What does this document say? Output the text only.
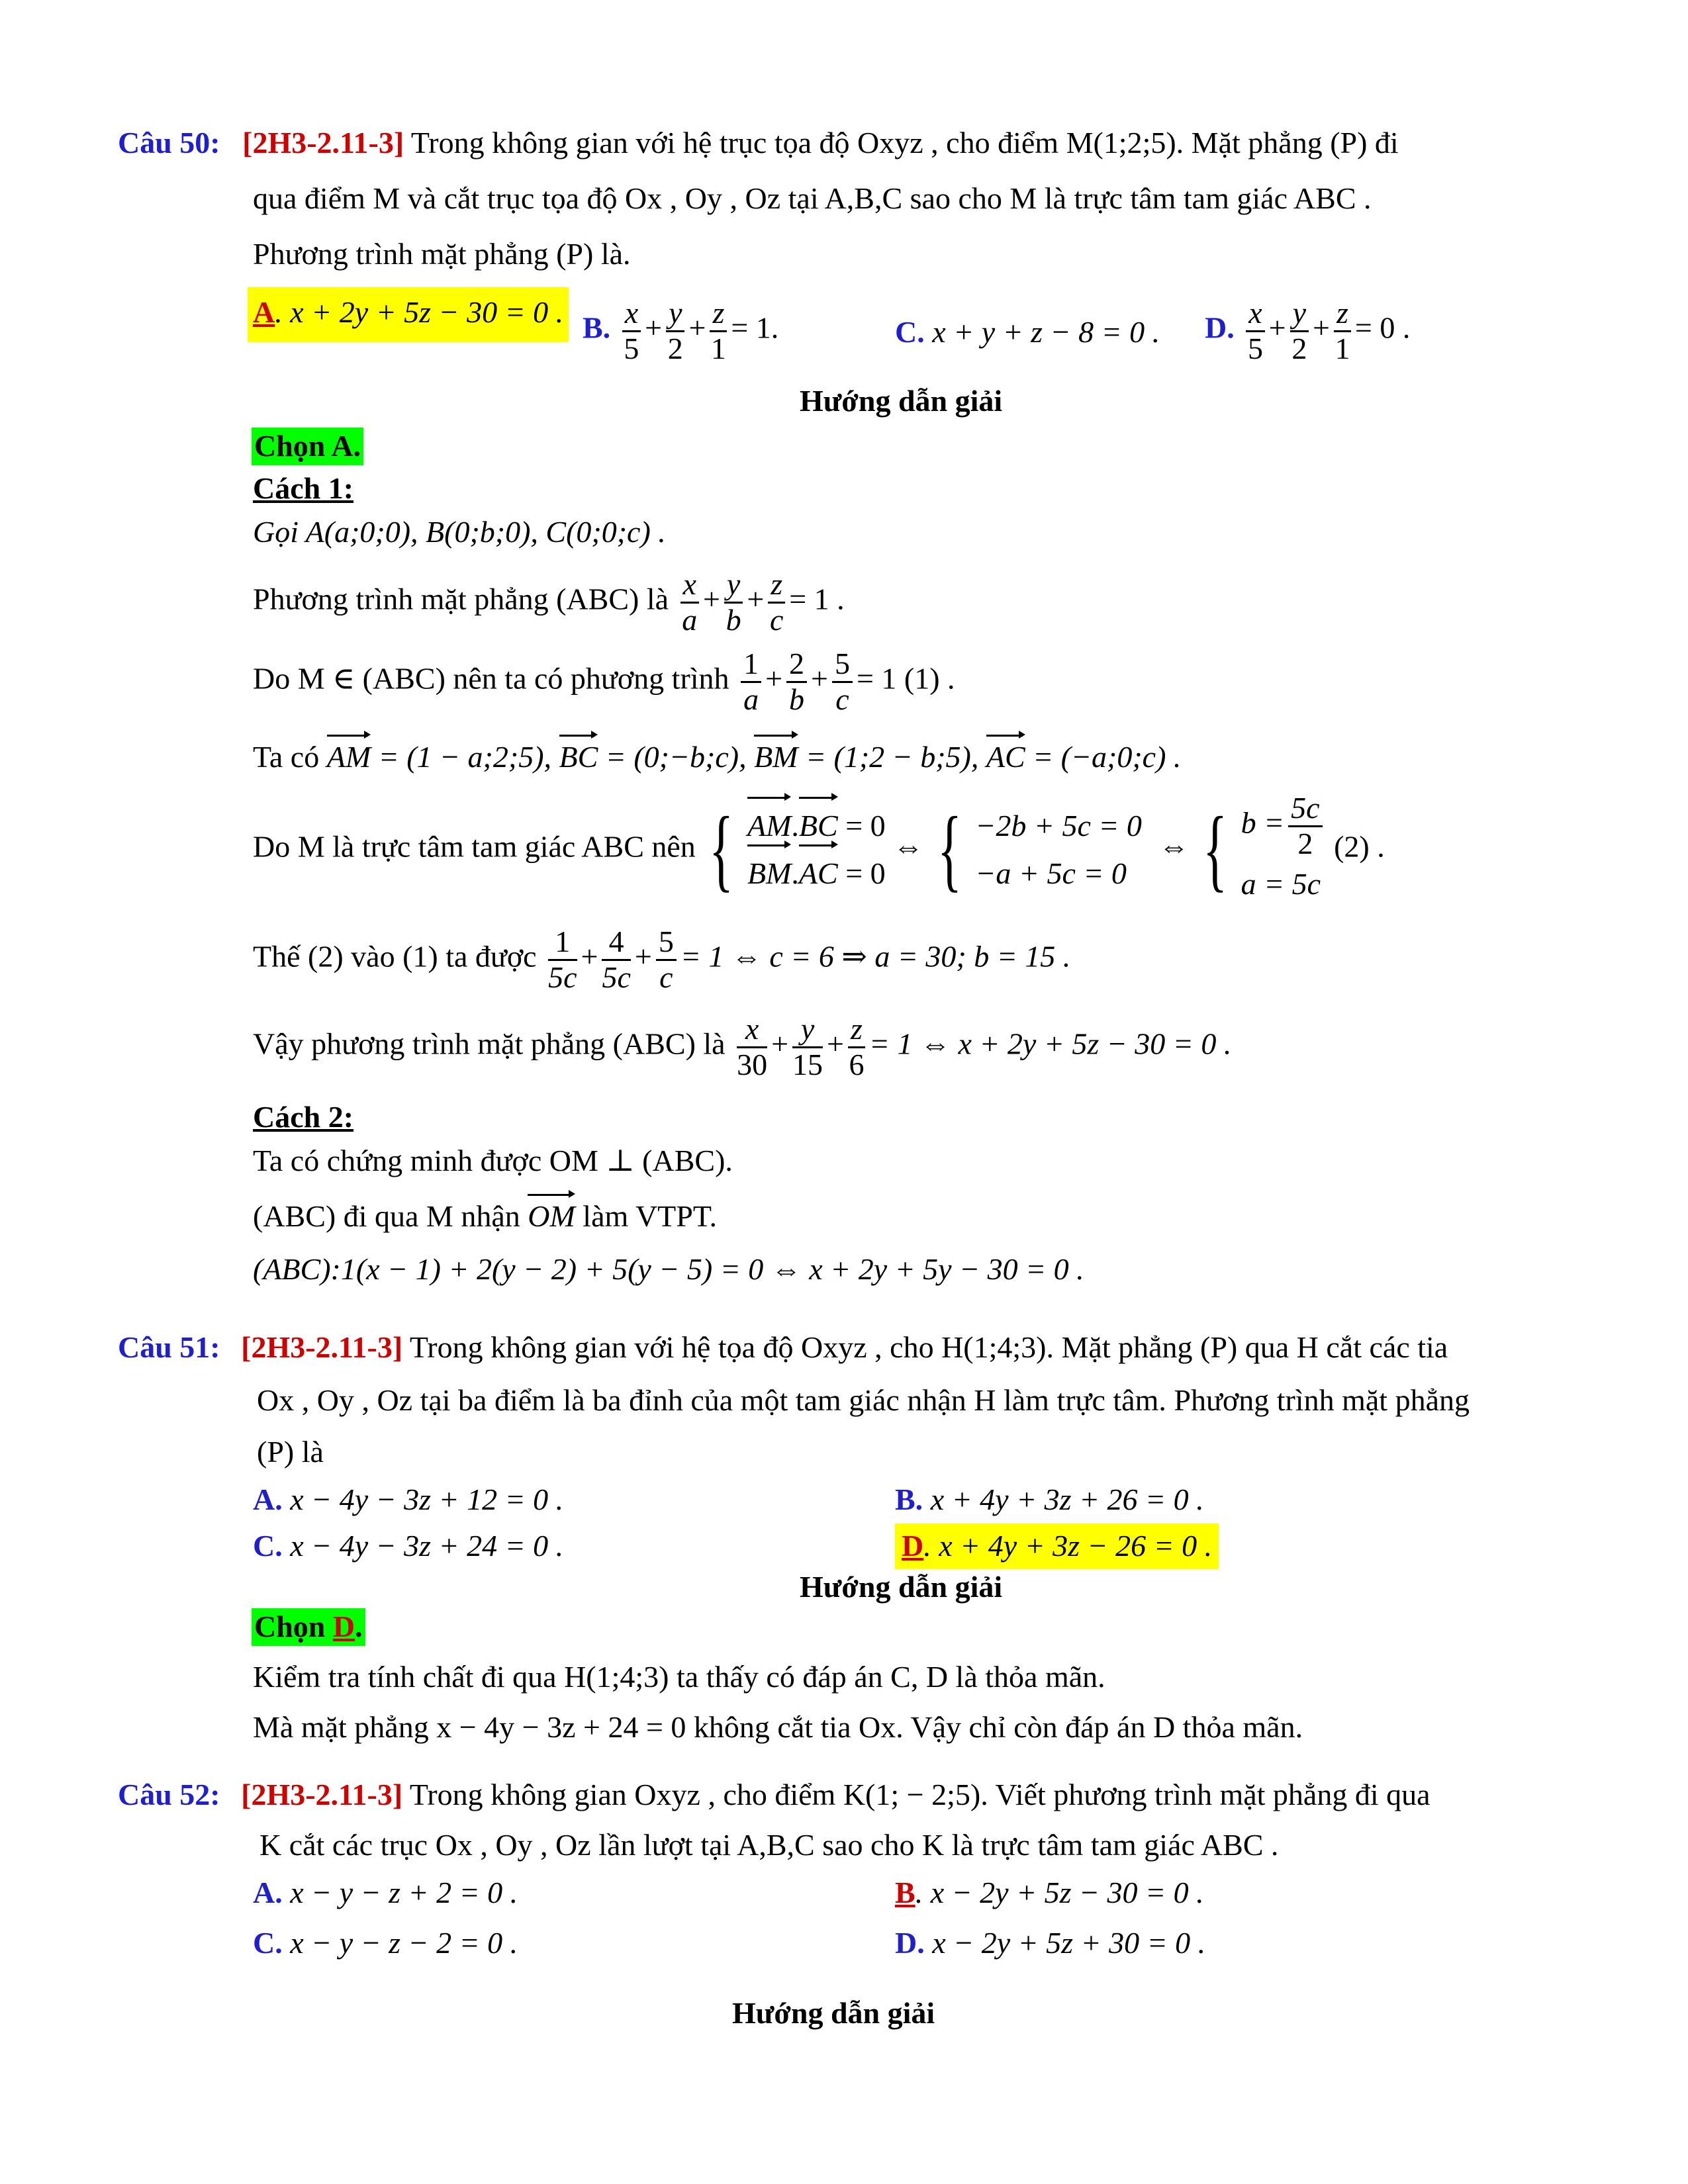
Câu 50: [2H3-2.11-3] Trong không gian với hệ trục tọa độ Oxyz , cho điểm M(1;2;5). Mặt phẳng (P) đi
qua điểm M và cắt trục tọa độ Ox , Oy , Oz tại A,B,C sao cho M là trực tâm tam giác ABC .
Phương trình mặt phẳng (P) là.
A. x + 2y + 5z − 30 = 0 . B. $\frac{x}{5} + \frac{y}{2} + \frac{z}{1} = 1$.	C. x + y + z − 8 = 0 . D. $\frac{x}{5} + \frac{y}{2} + \frac{z}{1} = 0$ .
Hướng dẫn giải
Chọn A.
Cách 1:
Gọi A(a;0;0), B(0;b;0), C(0;0;c) .
Phương trình mặt phẳng (ABC) là $\frac{x}{a} + \frac{y}{b} + \frac{z}{c} = 1$ .
Do M ∈ (ABC) nên ta có phương trình $\frac{1}{a} + \frac{2}{b} + \frac{5}{c} = 1$ (1) .
Ta có AM = (1 − a;2;5), BC = (0;−b;c), BM = (1;2 − b;5), AC = (−a;0;c) .
Do M là trực tâm tam giác ABC nên { AM.BC = 0
BM.AC = 0
⇔ { −2b + 5c = 0
−a + 5c = 0
⇔ { $b = \frac{5c}{2}$
a = 5c
(2) .
Thế (2) vào (1) ta được $\frac{1}{5c} + \frac{4}{5c} + \frac{5}{c} = 1$ ⇔ c = 6 ⇒ a = 30; b = 15 .
Vậy phương trình mặt phẳng (ABC) là $\frac{x}{30} + \frac{y}{15} + \frac{z}{6} = 1$ ⇔ x + 2y + 5z − 30 = 0 .
Cách 2:
Ta có chứng minh được OM ⊥ (ABC).
(ABC) đi qua M nhận OM làm VTPT.
(ABC):1(x − 1) + 2(y − 2) + 5(y − 5) = 0 ⇔ x + 2y + 5y − 30 = 0 .
Câu 51: [2H3-2.11-3] Trong không gian với hệ tọa độ Oxyz , cho H(1;4;3). Mặt phẳng (P) qua H cắt các tia
Ox , Oy , Oz tại ba điểm là ba đỉnh của một tam giác nhận H làm trực tâm. Phương trình mặt phẳng
(P) là
A. x − 4y − 3z + 12 = 0 .	B. x + 4y + 3z + 26 = 0 .
C. x − 4y − 3z + 24 = 0 .	D. x + 4y + 3z − 26 = 0 .
Hướng dẫn giải
Chọn D.
Kiểm tra tính chất đi qua H(1;4;3) ta thấy có đáp án C, D là thỏa mãn.
Mà mặt phẳng x − 4y − 3z + 24 = 0 không cắt tia Ox. Vậy chỉ còn đáp án D thỏa mãn.
Câu 52: [2H3-2.11-3] Trong không gian Oxyz , cho điểm K(1; − 2;5). Viết phương trình mặt phẳng đi qua
K cắt các trục Ox , Oy , Oz lần lượt tại A,B,C sao cho K là trực tâm tam giác ABC .
A. x − y − z + 2 = 0 .	B. x − 2y + 5z − 30 = 0 .
C. x − y − z − 2 = 0 .	D. x − 2y + 5z + 30 = 0 .
Hướng dẫn giải
